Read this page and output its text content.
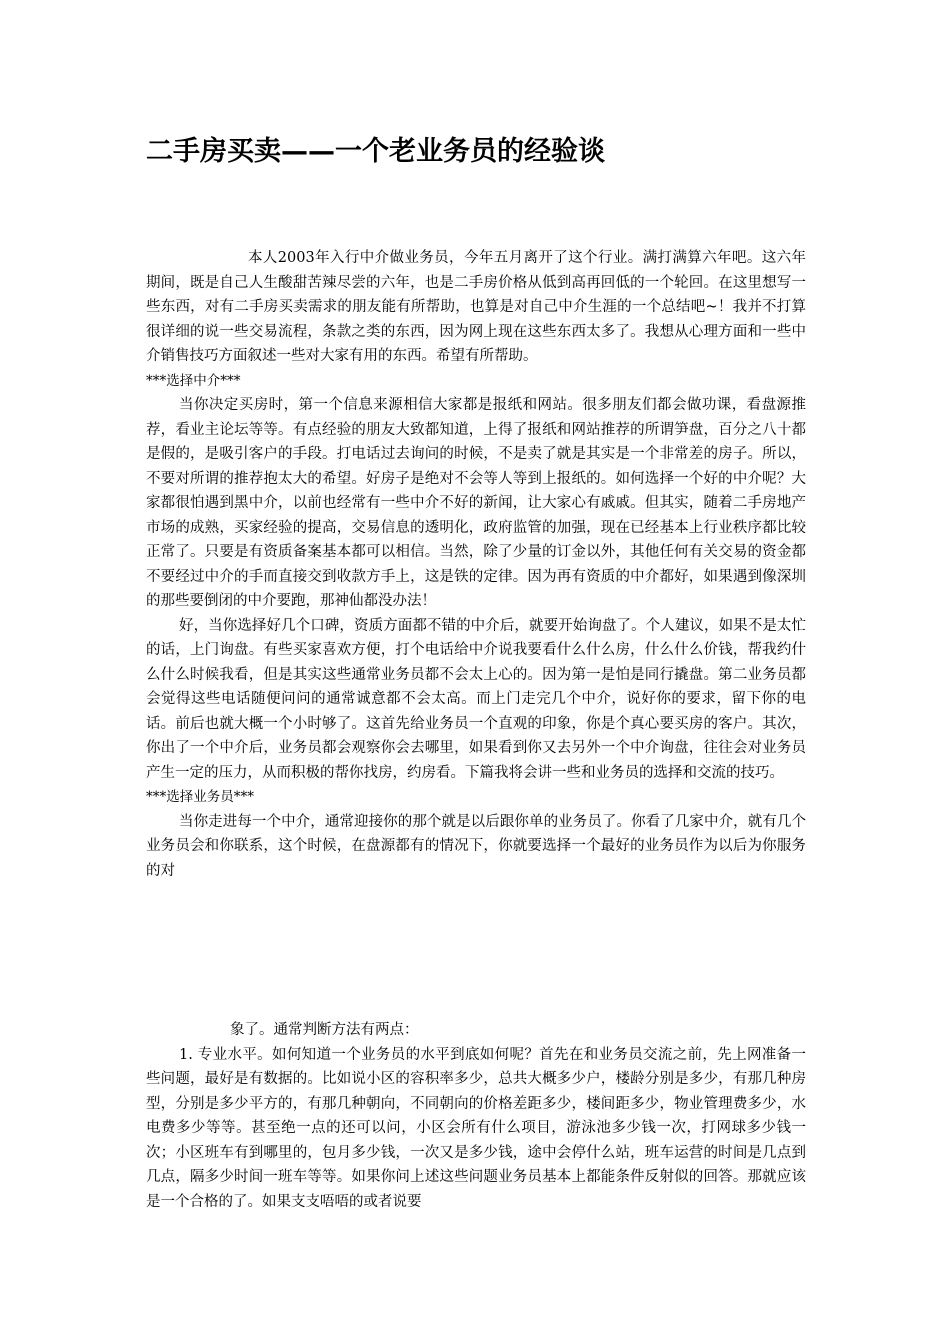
二手房买卖——一个老业务员的经验谈

本人2003年入行中介做业务员，今年五月离开了这个行业。满打满算六年吧。这六年期间，既是自己人生酸甜苦辣尽尝的六年，也是二手房价格从低到高再回低的一个轮回。在这里想写一些东西，对有二手房买卖需求的朋友能有所帮助，也算是对自己中介生涯的一个总结吧~！我并不打算很详细的说一些交易流程，条款之类的东西，因为网上现在这些东西太多了。我想从心理方面和一些中介销售技巧方面叙述一些对大家有用的东西。希望有所帮助。

***选择中介***

当你决定买房时，第一个信息来源相信大家都是报纸和网站。很多朋友们都会做功课，看盘源推荐，看业主论坛等等。有点经验的朋友大致都知道，上得了报纸和网站推荐的所谓笋盘，百分之八十都是假的，是吸引客户的手段。打电话过去询问的时候，不是卖了就是其实是一个非常差的房子。所以，不要对所谓的推荐抱太大的希望。好房子是绝对不会等人等到上报纸的。如何选择一个好的中介呢？大家都很怕遇到黑中介，以前也经常有一些中介不好的新闻，让大家心有戚戚。但其实，随着二手房地产市场的成熟，买家经验的提高，交易信息的透明化，政府监管的加强，现在已经基本上行业秩序都比较正常了。只要是有资质备案基本都可以相信。当然，除了少量的订金以外，其他任何有关交易的资金都不要经过中介的手而直接交到收款方手上，这是铁的定律。因为再有资质的中介都好，如果遇到像深圳的那些要倒闭的中介要跑，那神仙都没办法！

好，当你选择好几个口碑，资质方面都不错的中介后，就要开始询盘了。个人建议，如果不是太忙的话，上门询盘。有些买家喜欢方便，打个电话给中介说我要看什么什么房，什么什么价钱，帮我约什么什么时候我看，但是其实这些通常业务员都不会太上心的。因为第一是怕是同行撬盘。第二业务员都会觉得这些电话随便问问的通常诚意都不会太高。而上门走完几个中介，说好你的要求，留下你的电话。前后也就大概一个小时够了。这首先给业务员一个直观的印象，你是个真心要买房的客户。其次，你出了一个中介后，业务员都会观察你会去哪里，如果看到你又去另外一个中介询盘，往往会对业务员产生一定的压力，从而积极的帮你找房，约房看。下篇我将会讲一些和业务员的选择和交流的技巧。

***选择业务员***

当你走进每一个中介，通常迎接你的那个就是以后跟你单的业务员了。你看了几家中介，就有几个业务员会和你联系，这个时候，在盘源都有的情况下，你就要选择一个最好的业务员作为以后为你服务的对

象了。通常判断方法有两点：

1. 专业水平。如何知道一个业务员的水平到底如何呢？首先在和业务员交流之前，先上网准备一些问题，最好是有数据的。比如说小区的容积率多少，总共大概多少户，楼龄分别是多少，有那几种房型，分别是多少平方的，有那几种朝向，不同朝向的价格差距多少，楼间距多少，物业管理费多少，水电费多少等等。甚至绝一点的还可以问，小区会所有什么项目，游泳池多少钱一次，打网球多少钱一次；小区班车有到哪里的，包月多少钱，一次又是多少钱，途中会停什么站，班车运营的时间是几点到几点，隔多少时间一班车等等。如果你问上述这些问题业务员基本上都能条件反射似的回答。那就应该是一个合格的了。如果支支唔唔的或者说要
